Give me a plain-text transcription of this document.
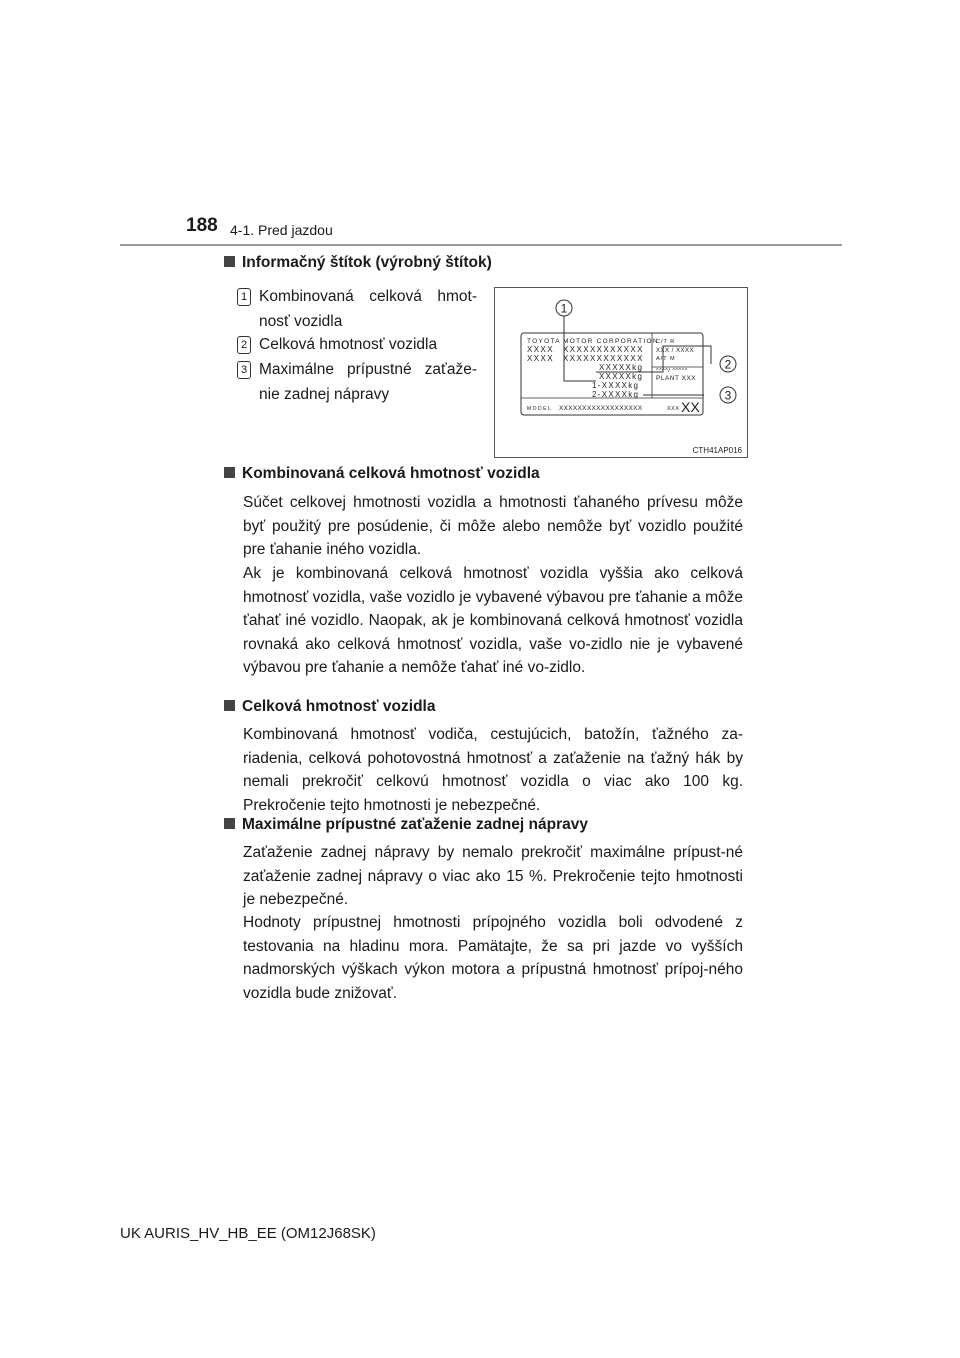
188 4-1. Pred jazdou
Informačný štítok (výrobný štítok)
1 Kombinovaná celková hmot-nosť vozidla
2 Celková hmotnosť vozidla
3 Maximálne prípustné zaťaže-nie zadnej nápravy
TOYOTA MOTOR CORPORATION
XXXX XXXXXXXXXXXX
XXXX XXXXXXXXXXXX
XXXXXkg
XXXXXkg
1-XXXXkg
2-XXXXkg
C/T R
XXX / XXXX
A/T M
^^^^/ ^^^^^
PLANT XXX
MODEL XXXXXXXXXXXXXXXXXX	XXX XX
1
2
3
CTH41AP016
Kombinovaná celková hmotnosť vozidla
Súčet celkovej hmotnosti vozidla a hmotnosti ťahaného prívesu môže byť použitý pre posúdenie, či môže alebo nemôže byť vozidlo použité pre ťahanie iného vozidla.
Ak je kombinovaná celková hmotnosť vozidla vyššia ako celková hmotnosť vozidla, vaše vozidlo je vybavené výbavou pre ťahanie a môže ťahať iné vozidlo. Naopak, ak je kombinovaná celková hmotnosť vozidla rovnaká ako celková hmotnosť vozidla, vaše vo-zidlo nie je vybavené výbavou pre ťahanie a nemôže ťahať iné vo-zidlo.
Celková hmotnosť vozidla
Kombinovaná hmotnosť vodiča, cestujúcich, batožín, ťažného za-riadenia, celková pohotovostná hmotnosť a zaťaženie na ťažný hák by nemali prekročiť celkovú hmotnosť vozidla o viac ako 100 kg. Prekročenie tejto hmotnosti je nebezpečné.
Maximálne prípustné zaťaženie zadnej nápravy
Zaťaženie zadnej nápravy by nemalo prekročiť maximálne prípust-né zaťaženie zadnej nápravy o viac ako 15 %. Prekročenie tejto hmotnosti je nebezpečné.
Hodnoty prípustnej hmotnosti prípojného vozidla boli odvodené z testovania na hladinu mora. Pamätajte, že sa pri jazde vo vyšších nadmorských výškach výkon motora a prípustná hmotnosť prípoj-ného vozidla bude znižovať.
UK AURIS_HV_HB_EE (OM12J68SK)
